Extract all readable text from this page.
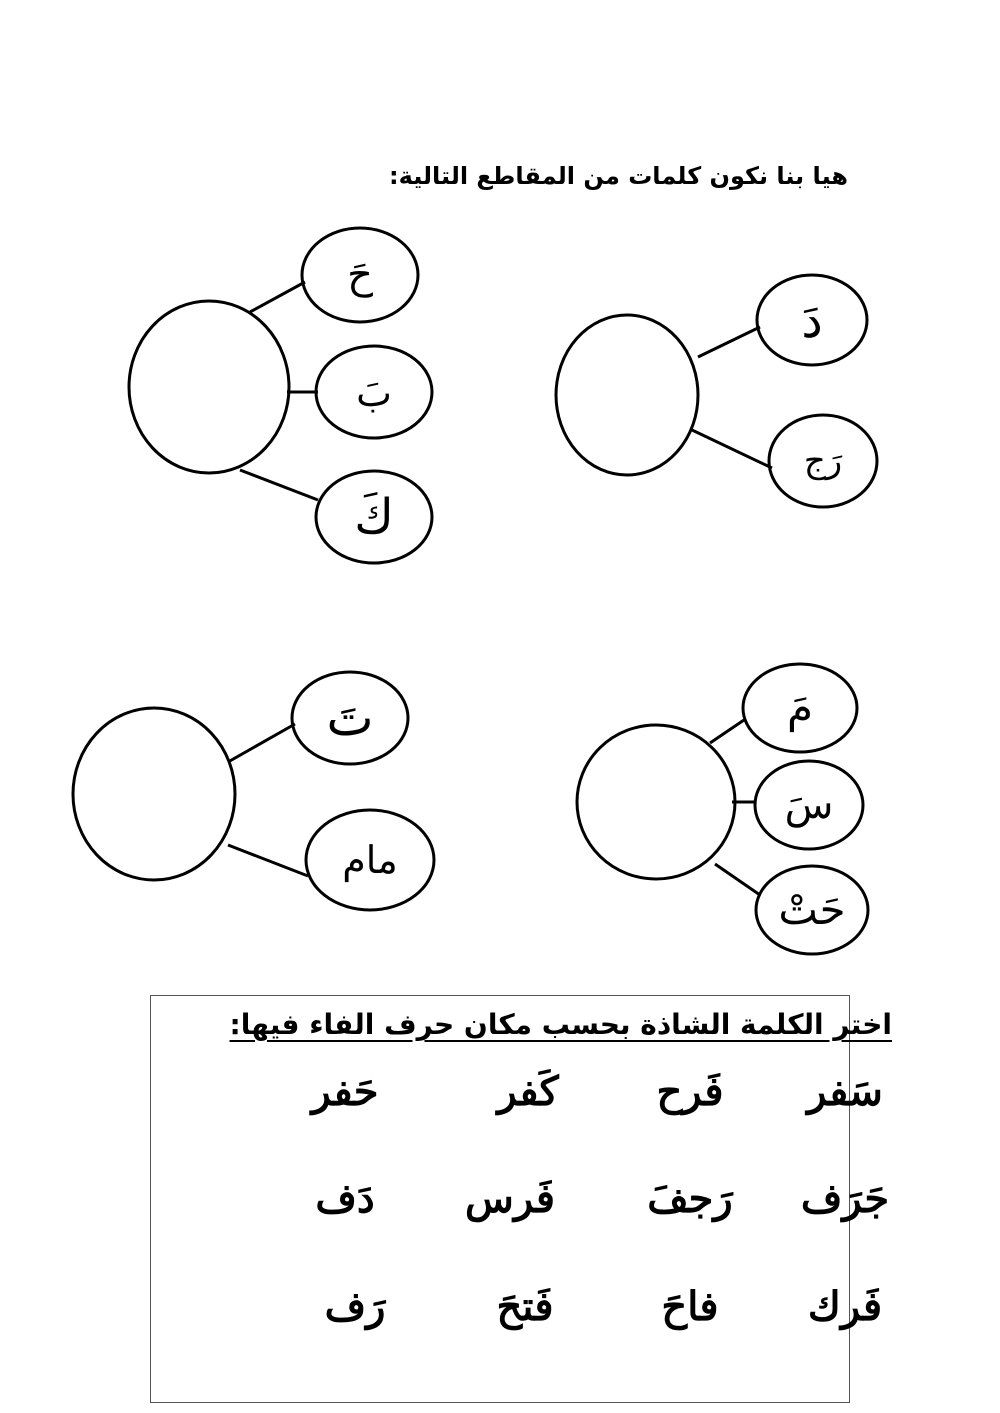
هيا بنا نكون كلمات من المقاطع التالية:
حَ
بَ
كَ
دَ
رَج
تَ
مام
مَ
سَ
حَتْ
اختر الكلمة الشاذة بحسب مكان حرف الفاء فيها:
سَفر
فَرح
كَفر
حَفر
جَرَف
رَجفَ
فَرس
دَف
فَرك
فاحَ
فَتحَ
رَف
